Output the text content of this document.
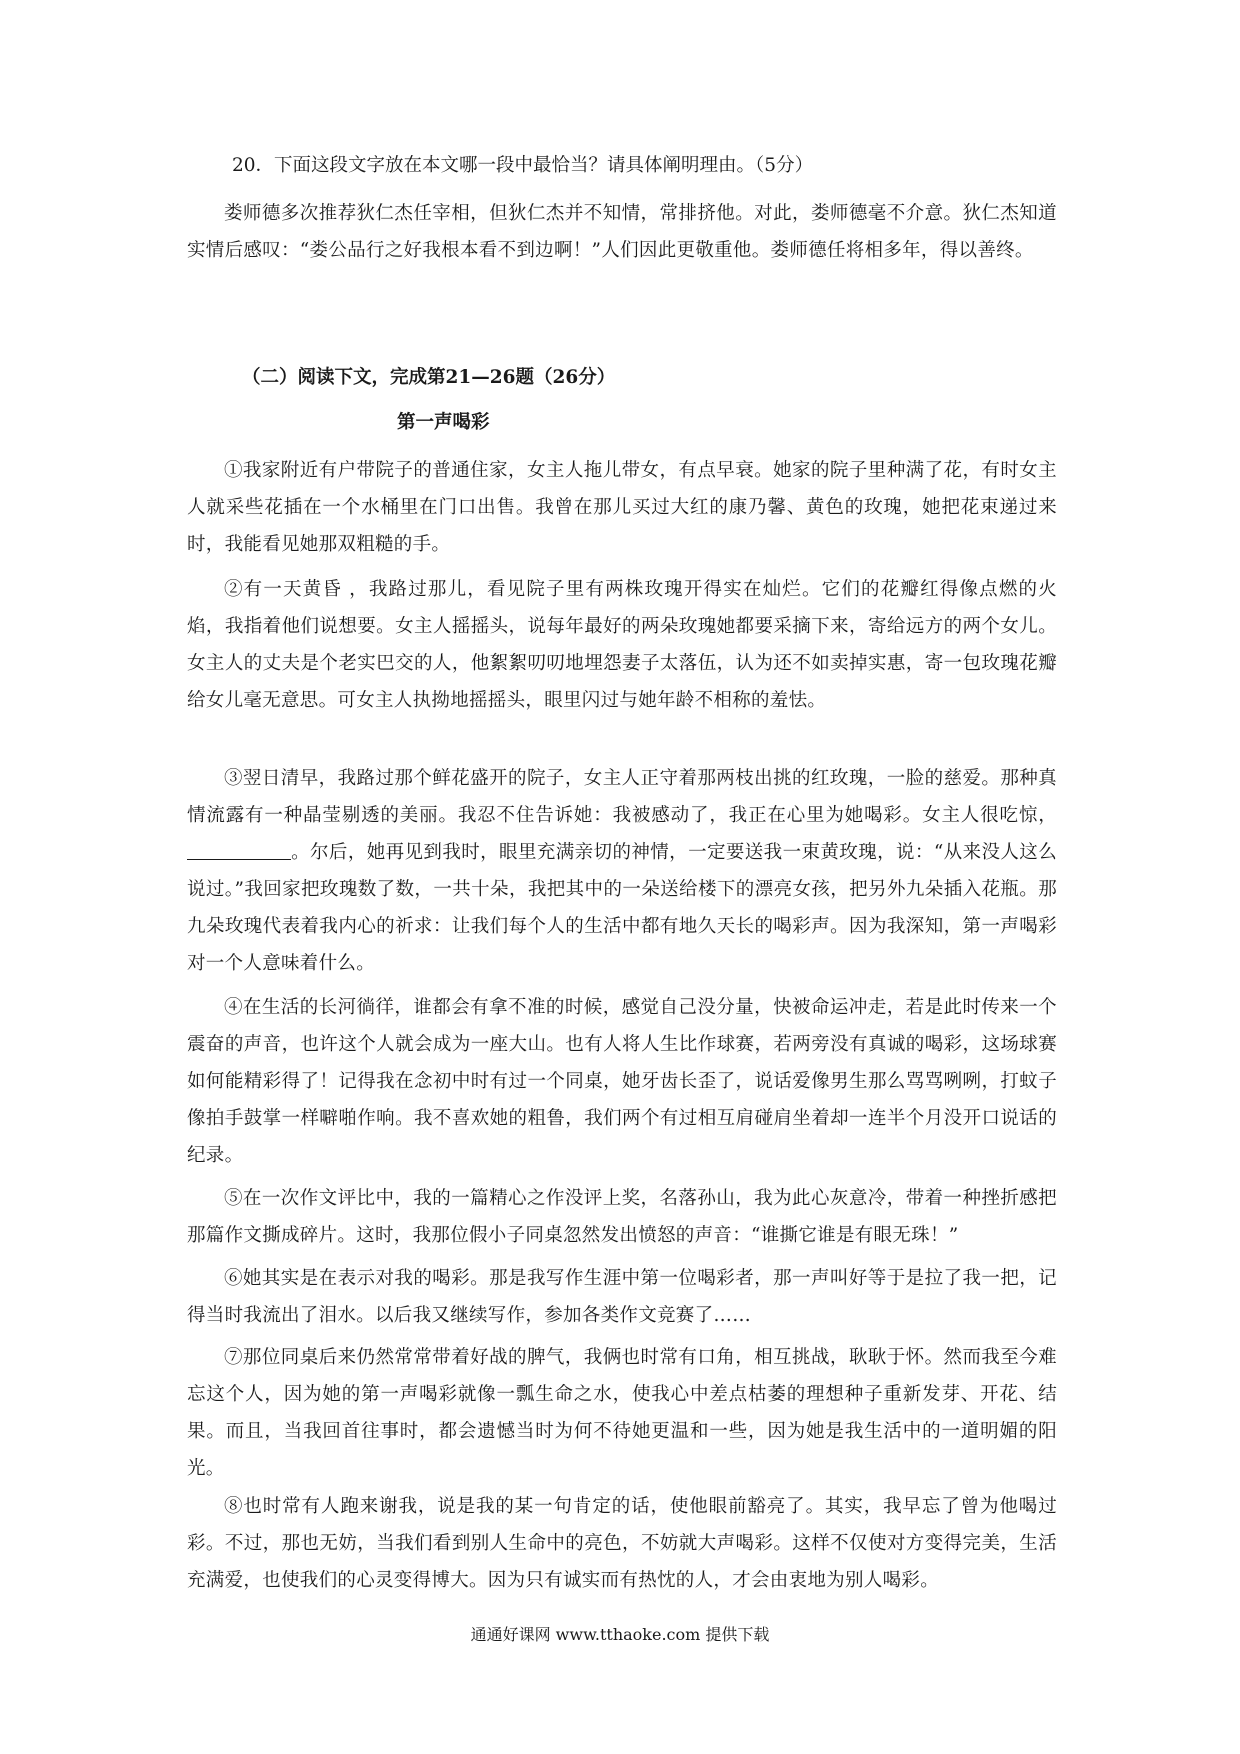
20．下面这段文字放在本文哪一段中最恰当？请具体阐明理由。（5分）

娄师德多次推荐狄仁杰任宰相，但狄仁杰并不知情，常排挤他。对此，娄师德毫不介意。狄仁杰知道实情后感叹：“娄公品行之好我根本看不到边啊！”人们因此更敬重他。娄师德任将相多年，得以善终。

（二）阅读下文，完成第21—26题（26分）
第一声喝彩

①我家附近有户带院子的普通住家，女主人拖儿带女，有点早衰。她家的院子里种满了花，有时女主人就采些花插在一个水桶里在门口出售。我曾在那儿买过大红的康乃馨、黄色的玫瑰，她把花束递过来时，我能看见她那双粗糙的手。

②有一天黄昏 ，我路过那儿，看见院子里有两株玫瑰开得实在灿烂。它们的花瓣红得像点燃的火焰，我指着他们说想要。女主人摇摇头，说每年最好的两朵玫瑰她都要采摘下来，寄给远方的两个女儿。女主人的丈夫是个老实巴交的人，他絮絮叨叨地埋怨妻子太落伍，认为还不如卖掉实惠，寄一包玫瑰花瓣给女儿毫无意思。可女主人执拗地摇摇头，眼里闪过与她年龄不相称的羞怯。

③翌日清早，我路过那个鲜花盛开的院子，女主人正守着那两枝出挑的红玫瑰，一脸的慈爱。那种真情流露有一种晶莹剔透的美丽。我忍不住告诉她：我被感动了，我正在心里为她喝彩。女主人很吃惊，。尔后，她再见到我时，眼里充满亲切的神情，一定要送我一束黄玫瑰，说：“从来没人这么说过。”我回家把玫瑰数了数，一共十朵，我把其中的一朵送给楼下的漂亮女孩，把另外九朵插入花瓶。那九朵玫瑰代表着我内心的祈求：让我们每个人的生活中都有地久天长的喝彩声。因为我深知，第一声喝彩对一个人意味着什么。

④在生活的长河徜徉，谁都会有拿不准的时候，感觉自己没分量，快被命运冲走，若是此时传来一个震奋的声音，也许这个人就会成为一座大山。也有人将人生比作球赛，若两旁没有真诚的喝彩，这场球赛如何能精彩得了！记得我在念初中时有过一个同桌，她牙齿长歪了，说话爱像男生那么骂骂咧咧，打蚊子像拍手鼓掌一样噼啪作响。我不喜欢她的粗鲁，我们两个有过相互肩碰肩坐着却一连半个月没开口说话的纪录。

⑤在一次作文评比中，我的一篇精心之作没评上奖，名落孙山，我为此心灰意冷，带着一种挫折感把那篇作文撕成碎片。这时，我那位假小子同桌忽然发出愤怒的声音：“谁撕它谁是有眼无珠！”

⑥她其实是在表示对我的喝彩。那是我写作生涯中第一位喝彩者，那一声叫好等于是拉了我一把，记得当时我流出了泪水。以后我又继续写作，参加各类作文竞赛了……

⑦那位同桌后来仍然常常带着好战的脾气，我俩也时常有口角，相互挑战，耿耿于怀。然而我至今难忘这个人，因为她的第一声喝彩就像一瓢生命之水，使我心中差点枯萎的理想种子重新发芽、开花、结果。而且，当我回首往事时，都会遗憾当时为何不待她更温和一些，因为她是我生活中的一道明媚的阳光。

⑧也时常有人跑来谢我，说是我的某一句肯定的话，使他眼前豁亮了。其实，我早忘了曾为他喝过彩。不过，那也无妨，当我们看到别人生命中的亮色，不妨就大声喝彩。这样不仅使对方变得完美，生活充满爱，也使我们的心灵变得博大。因为只有诚实而有热忱的人，才会由衷地为别人喝彩。

通通好课网 www.tthaoke.com 提供下载
